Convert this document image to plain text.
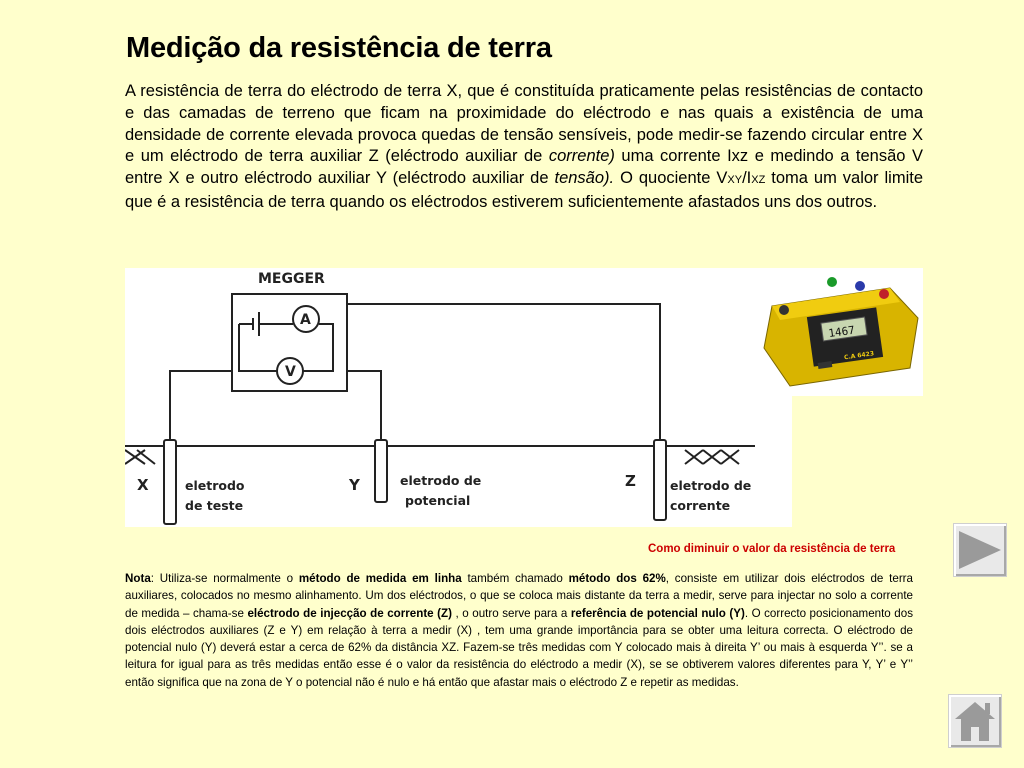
Medição da resistência de terra

A resistência de terra do eléctrodo de terra X, que é constituída praticamente pelas resistências de contacto e das camadas de terreno que ficam na proximidade do eléctrodo e nas quais a existência de uma densidade de corrente elevada provoca quedas de tensão sensíveis, pode medir-se fazendo circular entre X e um eléctrodo de terra auxiliar Z (eléctrodo auxiliar de corrente) uma corrente Ixz e medindo a tensão V entre X e outro eléctrodo auxiliar Y (eléctrodo auxiliar de tensão). O quociente VXY/IXZ toma um valor limite que é a resistência de terra quando os eléctrodos estiverem suficientemente afastados uns dos outros.

MEGGER
A
V
X	Y	Z
eletrodo
de teste
eletrodo de
potencial
eletrodo de
corrente
1467
C.A 6423
Como diminuir o valor da resistência de terra

Nota: Utiliza-se normalmente o método de medida em linha também chamado método dos 62%, consiste em utilizar dois eléctrodos de terra auxiliares, colocados no mesmo alinhamento. Um dos eléctrodos, o que se coloca mais distante da terra a medir, serve para injectar no solo a corrente de medida – chama-se eléctrodo de injecção de corrente (Z) , o outro serve para a referência de potencial nulo (Y). O correcto posicionamento dos dois eléctrodos auxiliares (Z e Y) em relação à terra a medir (X) , tem uma grande importância para se obter uma leitura correcta. O eléctrodo de potencial nulo (Y) deverá estar a cerca de 62% da distância XZ. Fazem-se três medidas com Y colocado mais à direita Y’ ou mais à esquerda Y’’. se a leitura for igual para as três medidas então esse é o valor da resistência do eléctrodo a medir (X), se se obtiverem valores diferentes para Y, Y’ e Y’’ então significa que na zona de Y o potencial não é nulo e há então que afastar mais o eléctrodo Z e repetir as medidas.
